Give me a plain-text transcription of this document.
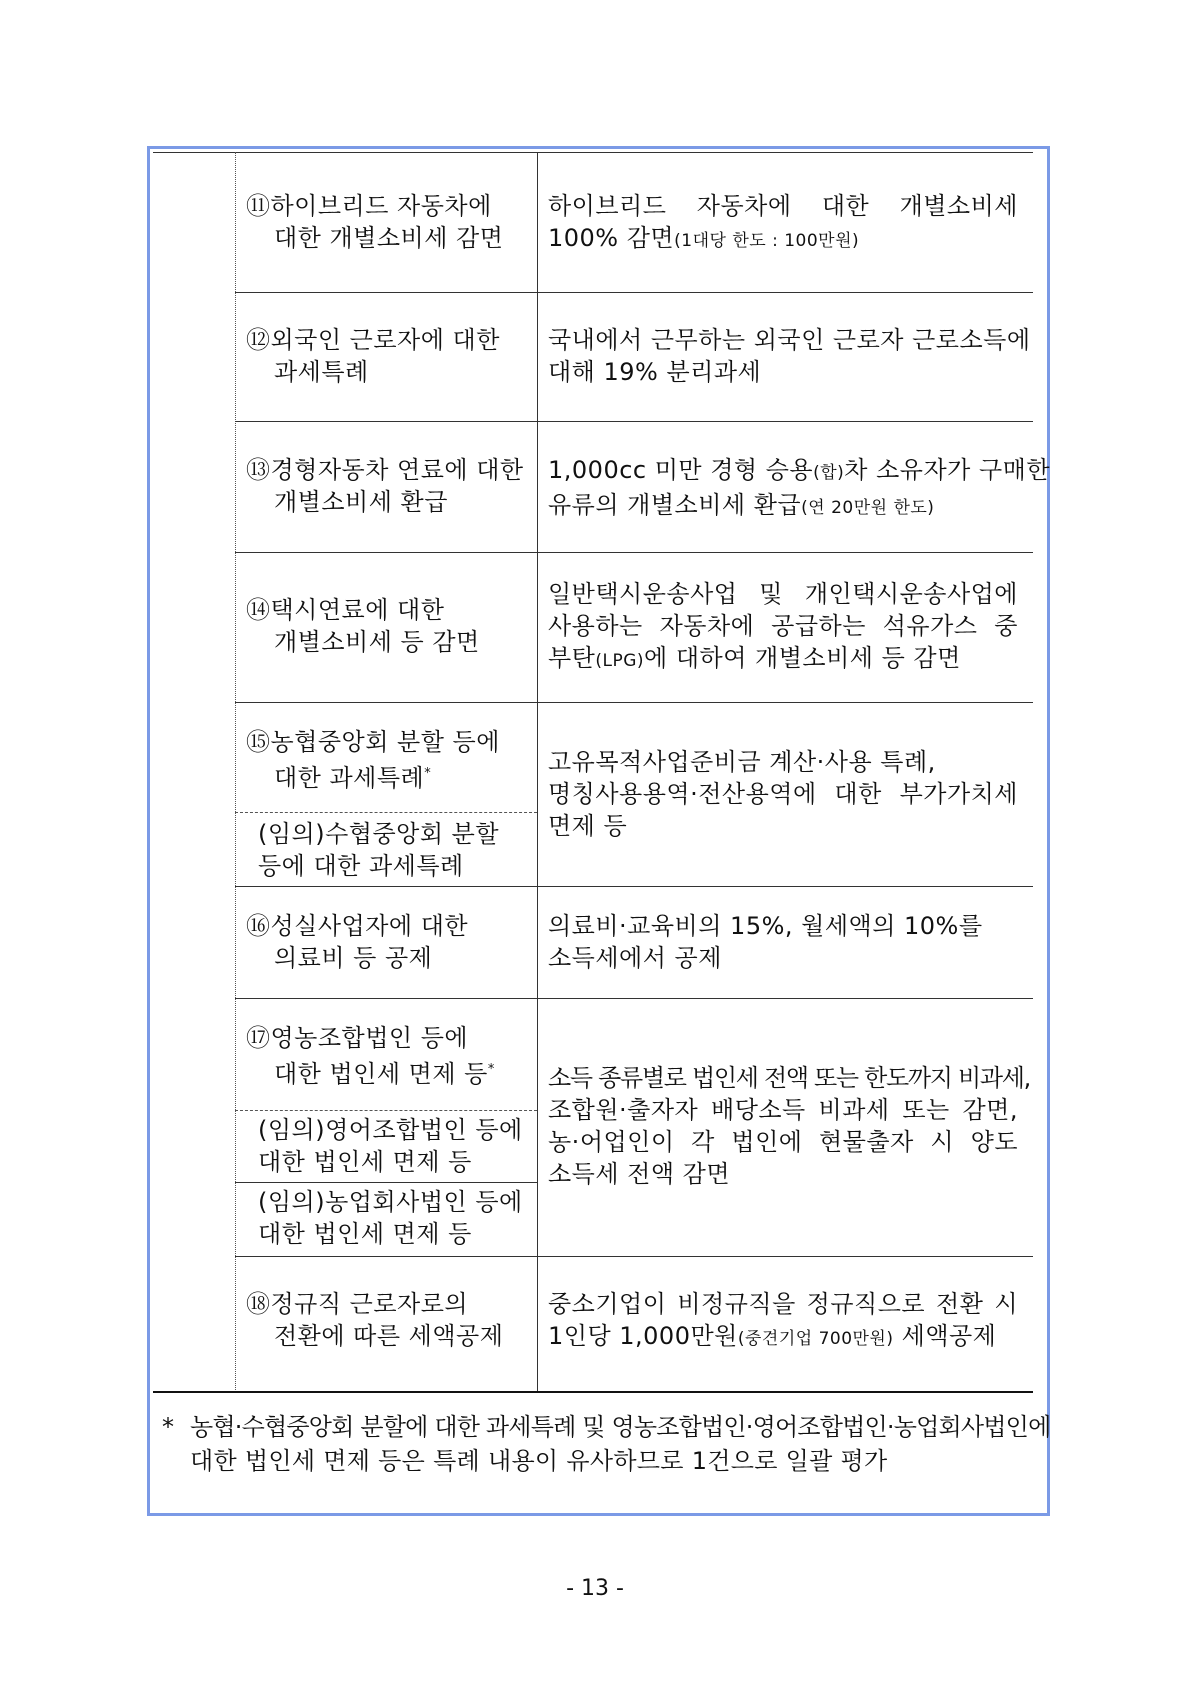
⑪하이브리드 자동차에
대한 개별소비세 감면
하이브리드 자동차에 대한 개별소비세
100% 감면(1대당 한도 : 100만원)
⑫외국인 근로자에 대한
과세특례
국내에서 근무하는 외국인 근로자 근로소득에
대해 19% 분리과세
⑬경형자동차 연료에 대한
개별소비세 환급
1,000cc 미만 경형 승용(합)차 소유자가 구매한
유류의 개별소비세 환급(연 20만원 한도)
⑭택시연료에 대한
개별소비세 등 감면
일반택시운송사업 및 개인택시운송사업에
사용하는 자동차에 공급하는 석유가스 중
부탄(LPG)에 대하여 개별소비세 등 감면
⑮농협중앙회 분할 등에
대한 과세특례*
(임의)수협중앙회 분할
등에 대한 과세특례
고유목적사업준비금 계산·사용 특례,
명칭사용용역·전산용역에 대한 부가가치세
면제 등
⑯성실사업자에 대한
의료비 등 공제
의료비·교육비의 15%, 월세액의 10%를
소득세에서 공제
⑰영농조합법인 등에
대한 법인세 면제 등*
(임의)영어조합법인 등에
대한 법인세 면제 등
(임의)농업회사법인 등에
대한 법인세 면제 등
소득 종류별로 법인세 전액 또는 한도까지 비과세,
조합원·출자자 배당소득 비과세 또는 감면,
농·어업인이 각 법인에 현물출자 시 양도
소득세 전액 감면
⑱정규직 근로자로의
전환에 따른 세액공제
중소기업이 비정규직을 정규직으로 전환 시
1인당 1,000만원(중견기업 700만원) 세액공제
* 농협·수협중앙회 분할에 대한 과세특례 및 영농조합법인·영어조합법인·농업회사법인에
대한 법인세 면제 등은 특례 내용이 유사하므로 1건으로 일괄 평가
- 13 -
